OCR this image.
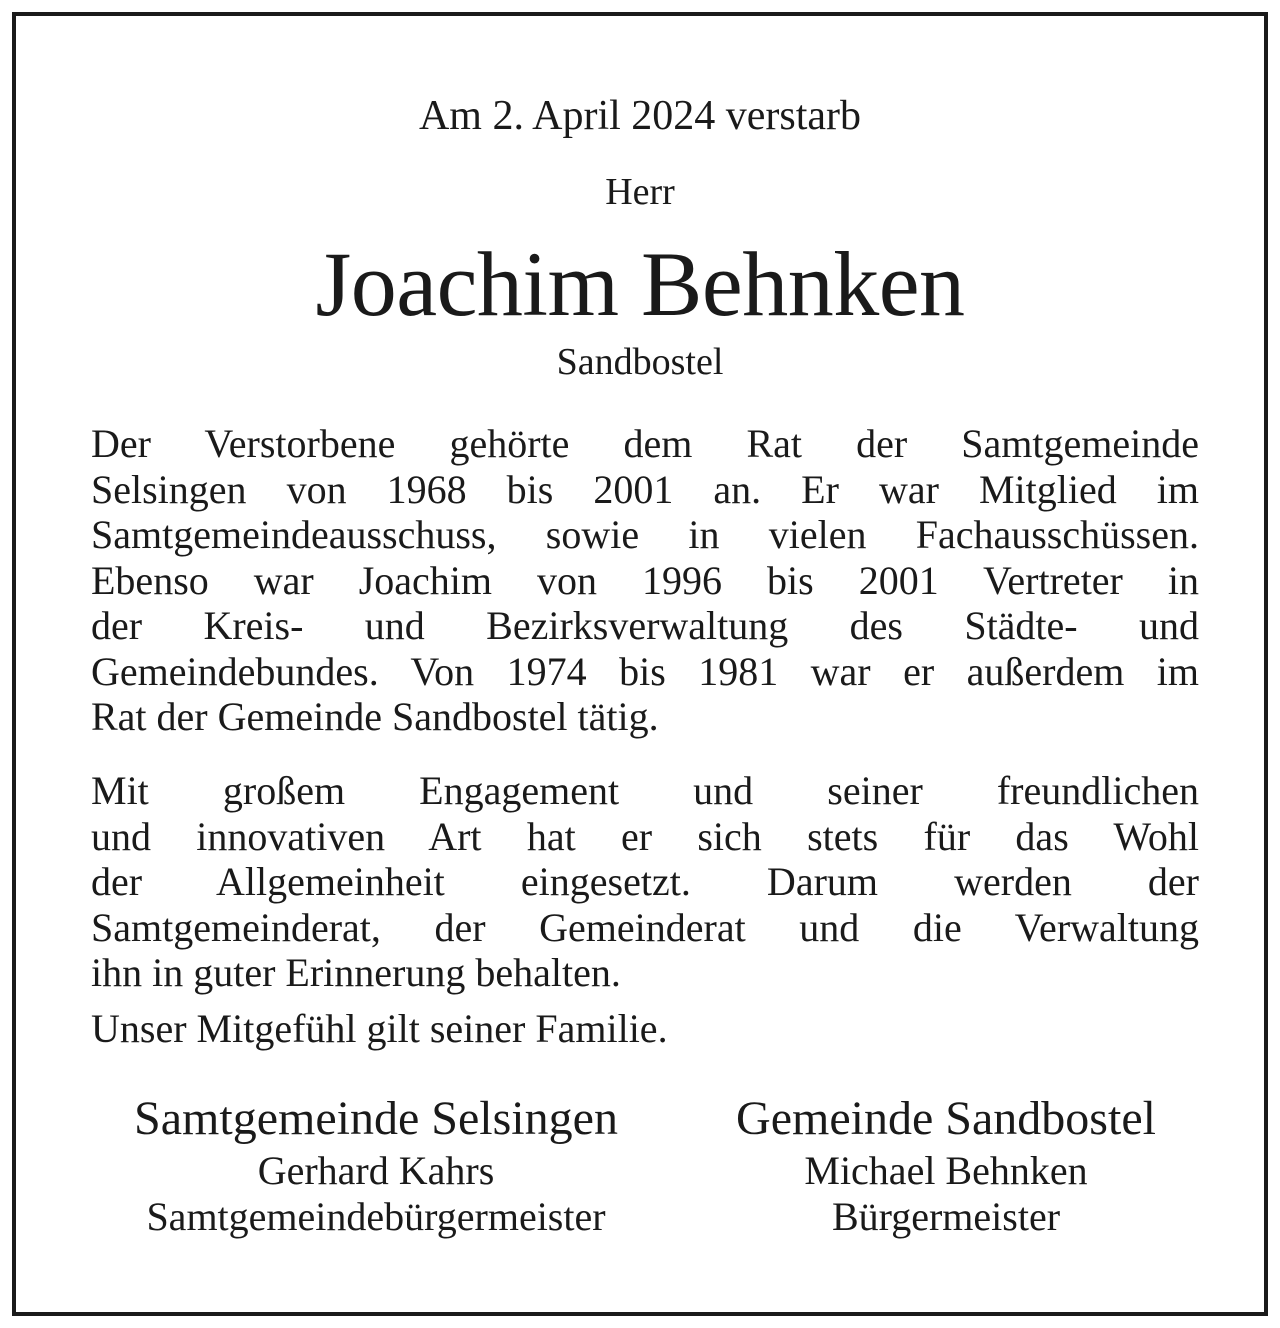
Am 2. April 2024 verstarb
Herr
Joachim Behnken
Sandbostel
Der Verstorbene gehörte dem Rat der Samtgemeinde
Selsingen von 1968 bis 2001 an. Er war Mitglied im
Samtgemeindeausschuss, sowie in vielen Fachausschüssen.
Ebenso war Joachim von 1996 bis 2001 Vertreter in
der Kreis- und Bezirksverwaltung des Städte- und
Gemeindebundes. Von 1974 bis 1981 war er außerdem im
Rat der Gemeinde Sandbostel tätig.
Mit großem Engagement und seiner freundlichen
und innovativen Art hat er sich stets für das Wohl
der Allgemeinheit eingesetzt. Darum werden der
Samtgemeinderat, der Gemeinderat und die Verwaltung
ihn in guter Erinnerung behalten.
Unser Mitgefühl gilt seiner Familie.
Samtgemeinde Selsingen
Gerhard Kahrs
Samtgemeindebürgermeister
Gemeinde Sandbostel
Michael Behnken
Bürgermeister
